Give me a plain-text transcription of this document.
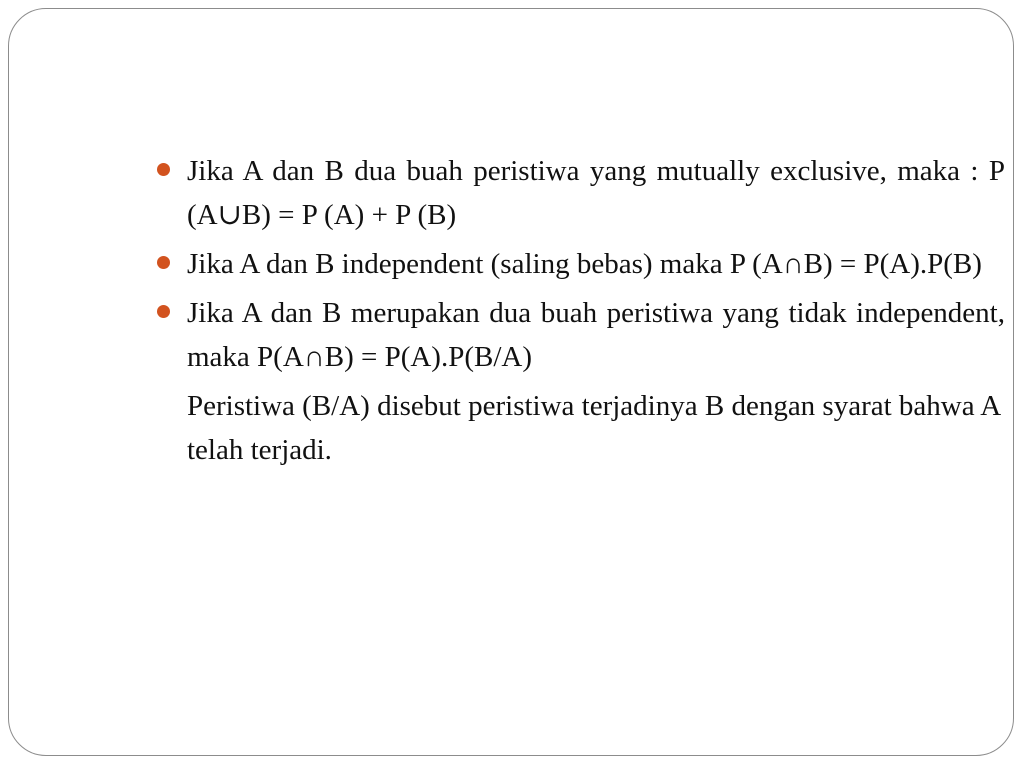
Jika A dan B dua buah peristiwa yang mutually exclusive, maka : P (A∪B) = P (A) + P (B)
Jika A dan B independent (saling bebas) maka P (A∩B) = P(A).P(B)
Jika A dan B merupakan dua buah peristiwa yang tidak independent, maka P(A∩B) = P(A).P(B/A)

Peristiwa (B/A) disebut peristiwa terjadinya B dengan syarat bahwa A telah terjadi.
